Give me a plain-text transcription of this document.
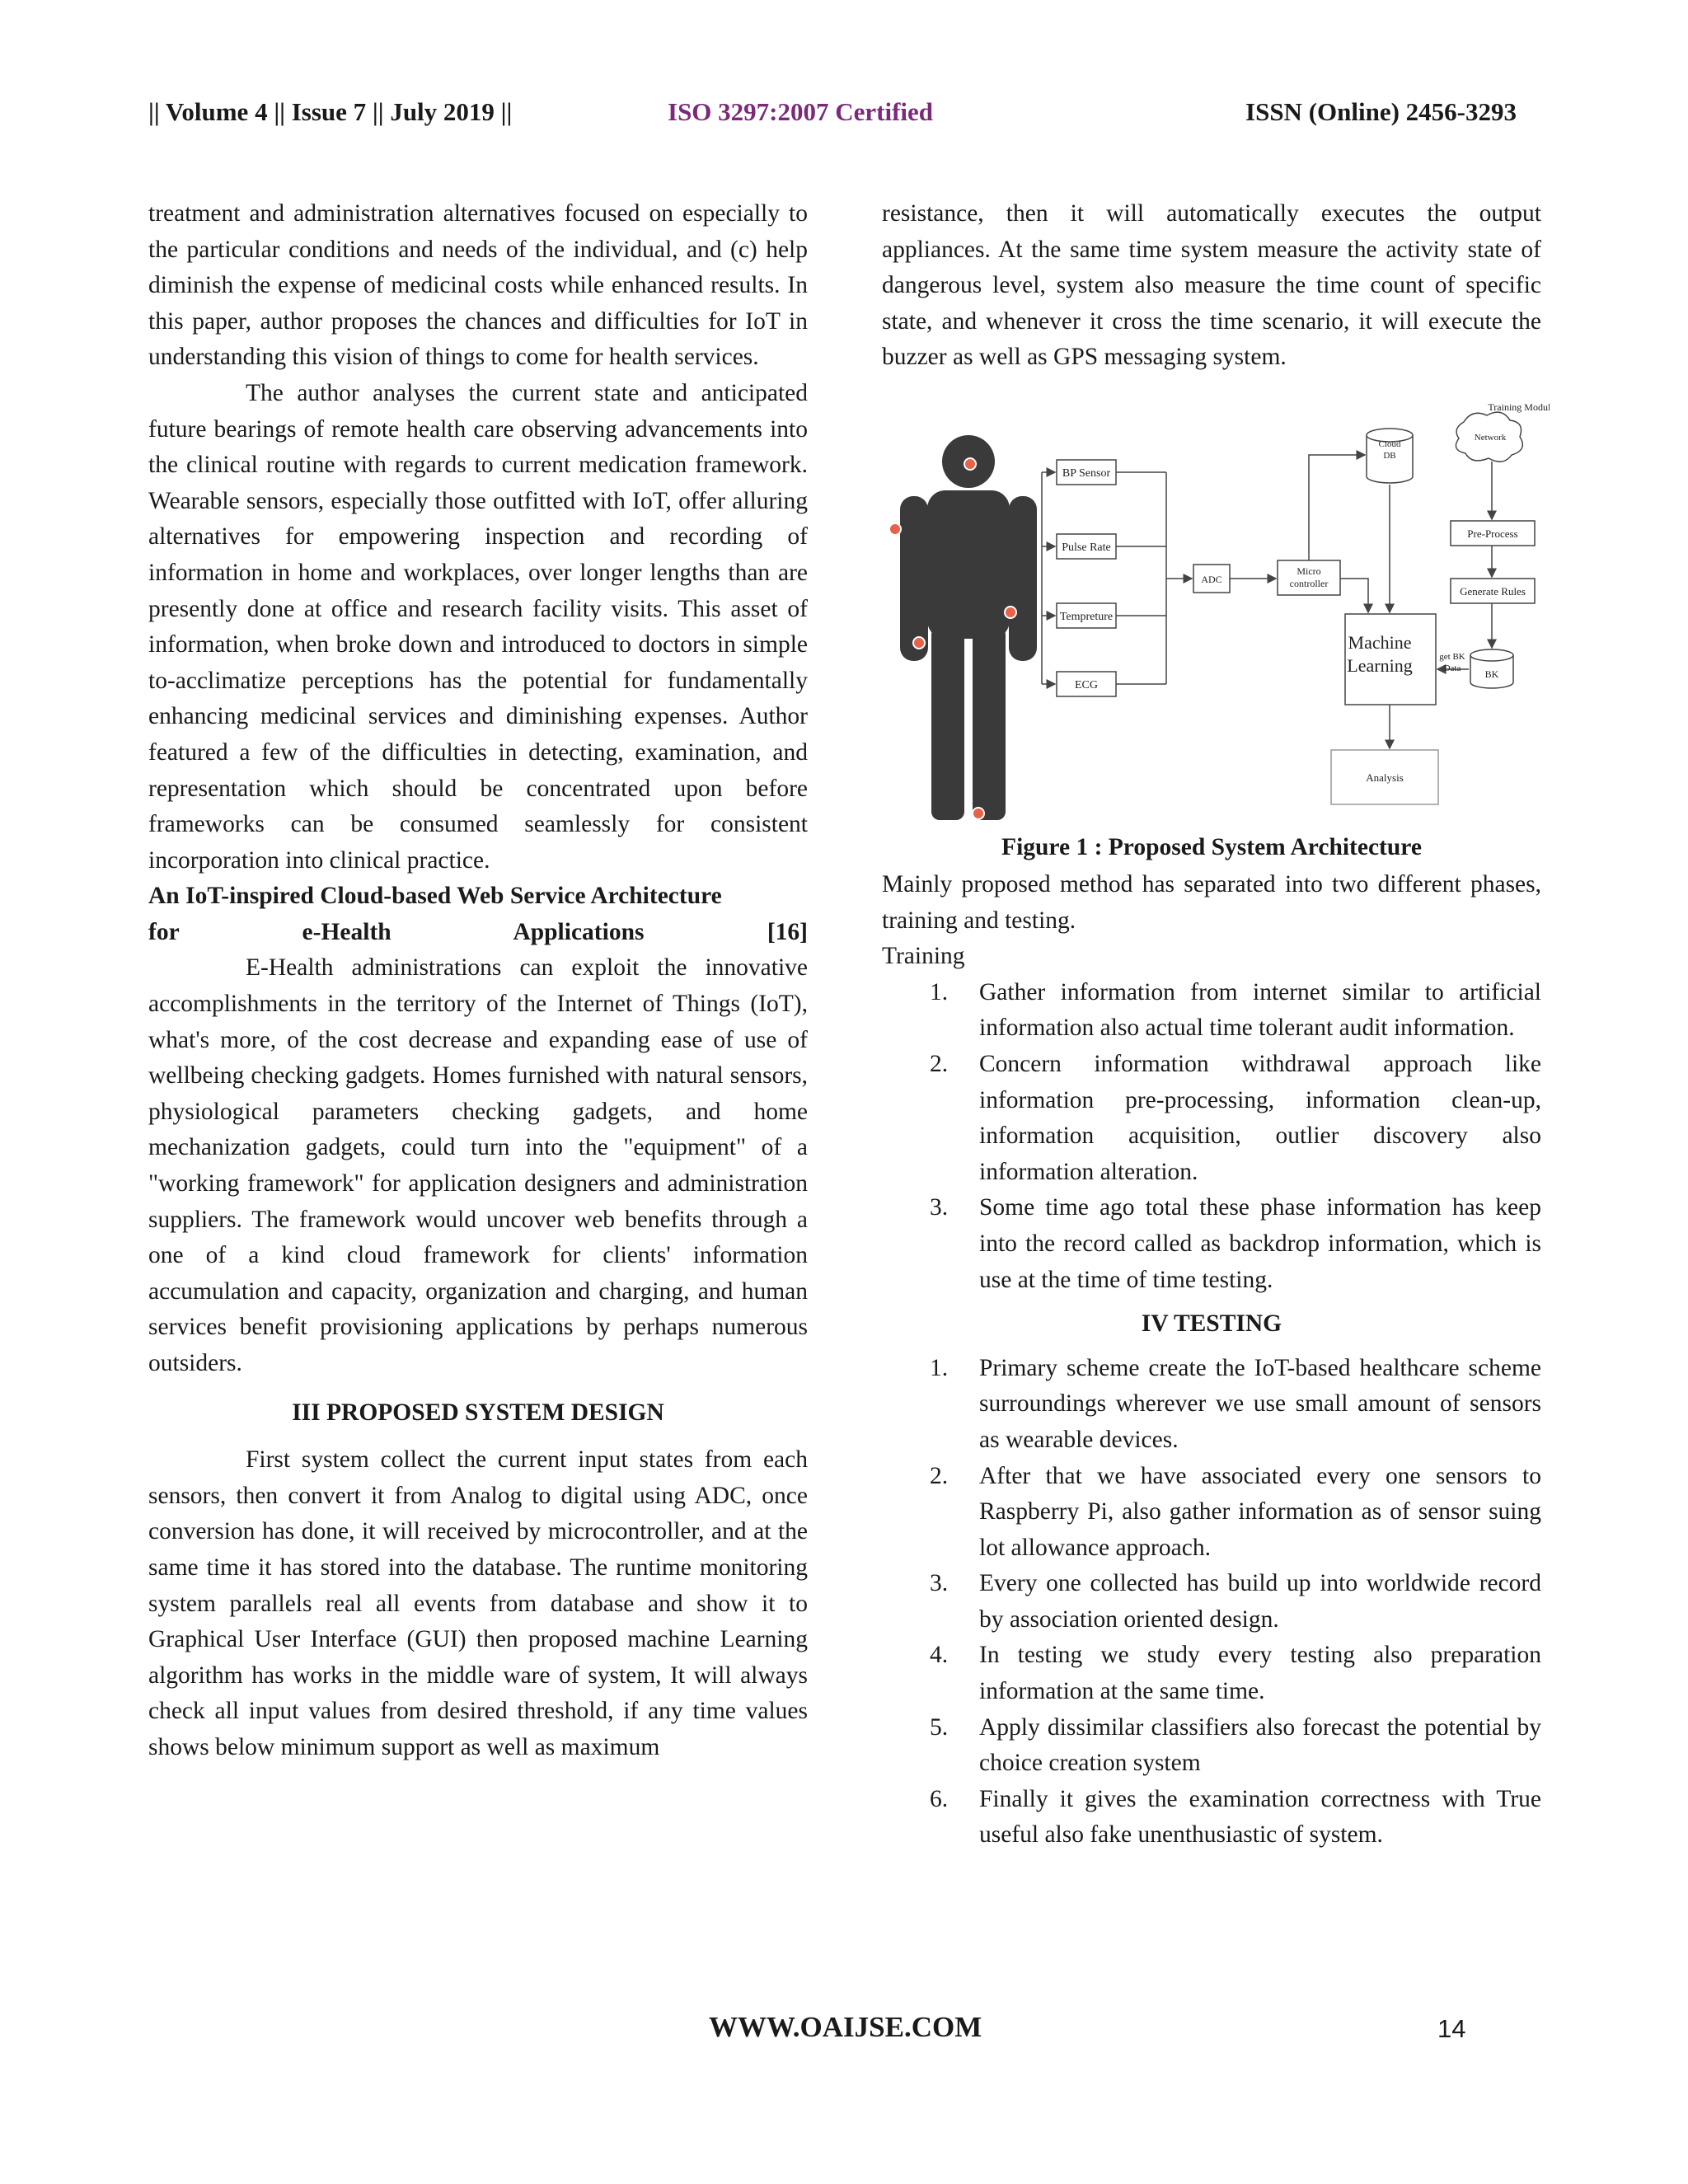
|| Volume 4 || Issue 7 || July 2019 ||	ISO 3297:2007 Certified	ISSN (Online) 2456-3293

treatment and administration alternatives focused on especially to the particular conditions and needs of the individual, and (c) help diminish the expense of medicinal costs while enhanced results. In this paper, author proposes the chances and difficulties for IoT in understanding this vision of things to come for health services.

The author analyses the current state and anticipated future bearings of remote health care observing advancements into the clinical routine with regards to current medication framework. Wearable sensors, especially those outfitted with IoT, offer alluring alternatives for empowering inspection and recording of information in home and workplaces, over longer lengths than are presently done at office and research facility visits. This asset of information, when broke down and introduced to doctors in simple to-acclimatize perceptions has the potential for fundamentally enhancing medicinal services and diminishing expenses. Author featured a few of the difficulties in detecting, examination, and representation which should be concentrated upon before frameworks can be consumed seamlessly for consistent incorporation into clinical practice.

An IoT-inspired Cloud-based Web Service Architecture

for e-Health Applications [16]

E-Health administrations can exploit the innovative accomplishments in the territory of the Internet of Things (IoT), what's more, of the cost decrease and expanding ease of use of wellbeing checking gadgets. Homes furnished with natural sensors, physiological parameters checking gadgets, and home mechanization gadgets, could turn into the "equipment" of a "working framework" for application designers and administration suppliers. The framework would uncover web benefits through a one of a kind cloud framework for clients' information accumulation and capacity, organization and charging, and human services benefit provisioning applications by perhaps numerous outsiders.

III PROPOSED SYSTEM DESIGN

First system collect the current input states from each sensors, then convert it from Analog to digital using ADC, once conversion has done, it will received by microcontroller, and at the same time it has stored into the database. The runtime monitoring system parallels real all events from database and show it to Graphical User Interface (GUI) then proposed machine Learning algorithm has works in the middle ware of system, It will always check all input values from desired threshold, if any time values shows below minimum support as well as maximum

resistance, then it will automatically executes the output appliances. At the same time system measure the activity state of dangerous level, system also measure the time count of specific state, and whenever it cross the time scenario, it will execute the buzzer as well as GPS messaging system.

Training Module
BP Sensor
Pulse Rate
Tempreture
ECG
ADC
Micro
controller
Cloud
DB
Network
Pre-Process
Generate Rules
Machine
Learning	get BK
Data BK
Analysis
Figure 1 : Proposed System Architecture

Mainly proposed method has separated into two different phases, training and testing.

Training

1. Gather information from internet similar to artificial information also actual time tolerant audit information.
2. Concern information withdrawal approach like information pre-processing, information clean-up, information acquisition, outlier discovery also information alteration.
3. Some time ago total these phase information has keep into the record called as backdrop information, which is use at the time of time testing.

IV TESTING

1. Primary scheme create the IoT-based healthcare scheme surroundings wherever we use small amount of sensors as wearable devices.
2. After that we have associated every one sensors to Raspberry Pi, also gather information as of sensor suing lot allowance approach.
3. Every one collected has build up into worldwide record by association oriented design.
4. In testing we study every testing also preparation information at the same time.
5. Apply dissimilar classifiers also forecast the potential by choice creation system
6. Finally it gives the examination correctness with True useful also fake unenthusiastic of system.
WWW.OAIJSE.COM	14
